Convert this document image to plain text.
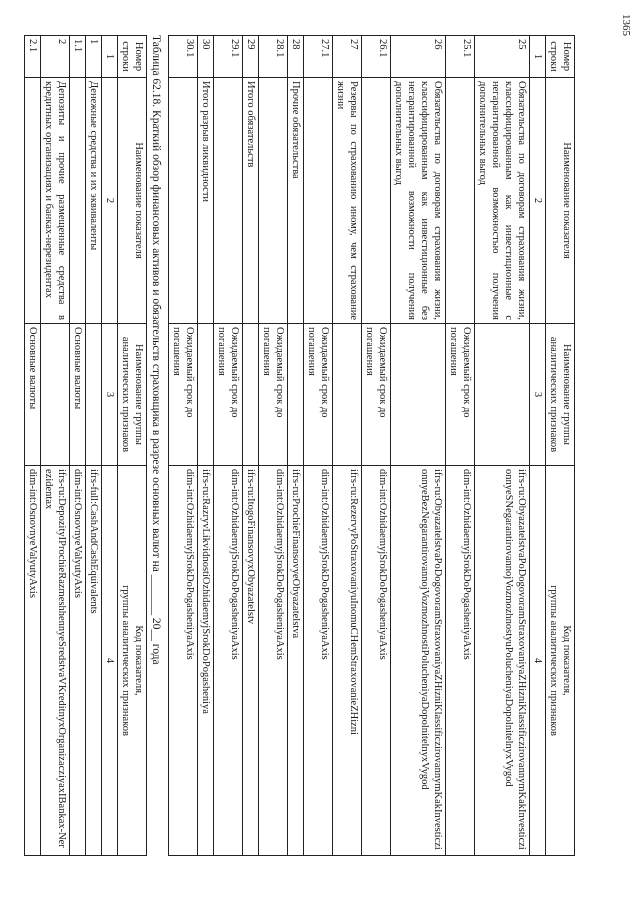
1365
Номер строки	Наименование показателя	Наименование группы аналитических признаков	Код показателя,
группы аналитических признаков

1	2	3	4
25	Обязательства по договорам страхования жизни, классифицированным как инвестиционные с негарантированной возможностью получения дополнительных выгод		ifrs-ru:ObyazatelstvaPoDogovoramStraxovaniyaZHizniKlassificzirovannymKakInvesticzionnyeSNegarantirovannojVozmozhnostyuPolucheniyaDopolnitelnyxVygod
25.1		Ожидаемый срок до погашения	dim-int:OzhidaemyjSrokDoPogasheniyaAxis
26	Обязательства по договорам страхования жизни, классифицированным как инвестиционные без негарантированной возможности получения дополнительных выгод		ifrs-ru:ObyazatelstvaPoDogovoramStraxovaniyaZHizniKlassificzirovannymKakInvesticzionnyeBezNegarantirovannojVozmozhnostiPolucheniyaDopolnitelnyxVygod
26.1		Ожидаемый срок до погашения	dim-int:OzhidaemyjSrokDoPogasheniyaAxis
27	Резервы по страхованию иному, чем страхование жизни		ifrs-ru:RezervyPoStraxovaniyuInomuCHemStraxovanieZHizni
27.1		Ожидаемый срок до погашения	dim-int:OzhidaemyjSrokDoPogasheniyaAxis
28	Прочие обязательства		ifrs-ru:ProchieFinansovyeObyazatelstva
28.1		Ожидаемый срок до погашения	dim-int:OzhidaemyjSrokDoPogasheniyaAxis
29	Итого обязательств		ifrs-ru:ItogoFinansovyxObyazatelstv
29.1		Ожидаемый срок до погашения	dim-int:OzhidaemyjSrokDoPogasheniyaAxis
30	Итого разрыв ликвидности		ifrs-ru:RazryvLikvidnostiOzhidaemyjSrokDoPogasheniya
30.1		Ожидаемый срок до погашения	dim-int:OzhidaemyjSrokDoPogasheniyaAxis
Таблица 62.18. Краткий обзор финансовых активов и обязательств страховщика в разрезе основных валют на _______ 20__ года
Номер строки	Наименование показателя	Наименование группы аналитических признаков	Код показателя,
группы аналитических признаков

1	2	3	4
1	Денежные средства и их эквиваленты		ifrs-full:CashAndCashEquivalents
1.1		Основные валюты	dim-int:OsnovnyeValyutyAxis
2	Депозиты и прочие размещенные средства в кредитных организациях и банках-нерезидентах		ifrs-ru:DepozityIProchieRazmeshhennyeSredstvaVKreditnyxOrganizacziyaxIBankax-Nerezidentax
2.1		Основные валюты	dim-int:OsnovnyeValyutyAxis
